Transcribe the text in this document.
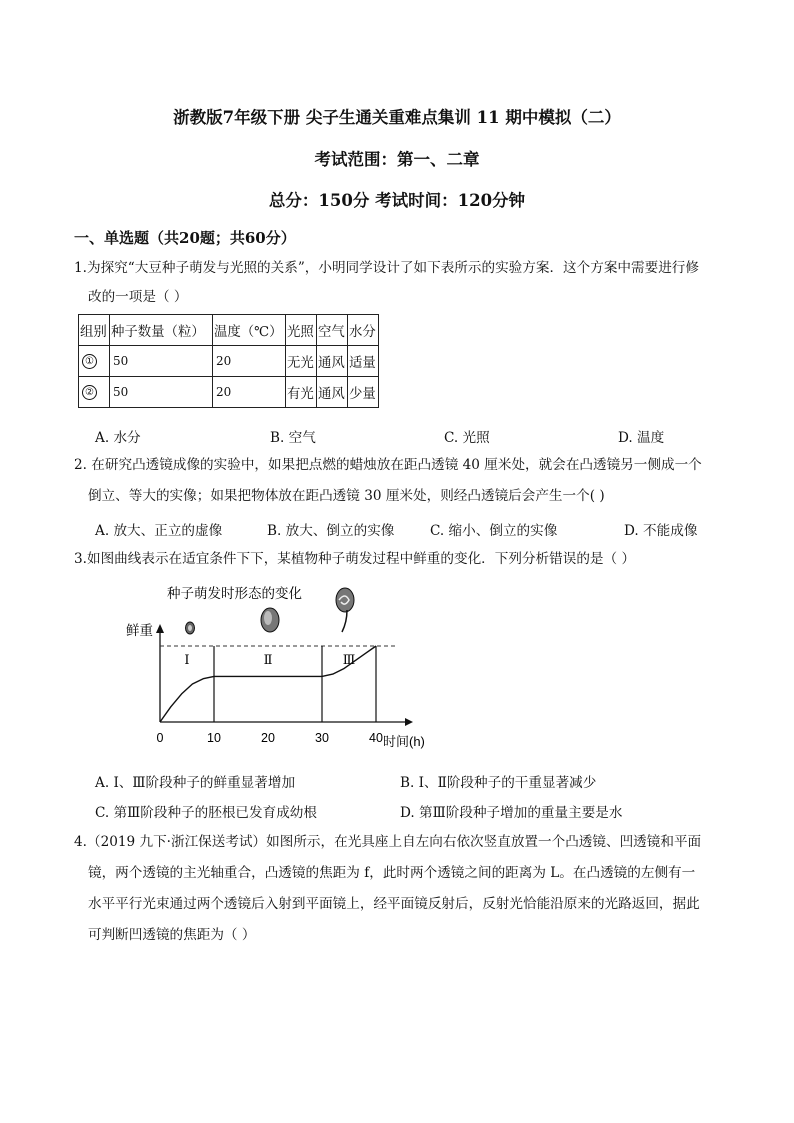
浙教版7年级下册 尖子生通关重难点集训 11 期中模拟（二）
考试范围：第一、二章
总分：150分 考试时间：120分钟
一、单选题（共20题；共60分）
1.为探究“大豆种子萌发与光照的关系”，小明同学设计了如下表所示的实验方案．这个方案中需要进行修
改的一项是（ ）
组别	种子数量（粒）	温度（℃）	光照	空气	水分
①	50	20	无光	通风	适量
②	50	20	有光	通风	少量
A. 水分	B. 空气	C. 光照	D. 温度
2. 在研究凸透镜成像的实验中，如果把点燃的蜡烛放在距凸透镜 40 厘米处，就会在凸透镜另一侧成一个
倒立、等大的实像；如果把物体放在距凸透镜 30 厘米处，则经凸透镜后会产生一个( )
A. 放大、正立的虚像	B. 放大、倒立的实像	C. 缩小、倒立的实像	D. 不能成像
3.如图曲线表示在适宜条件下下，某植物种子萌发过程中鲜重的变化．下列分析错误的是（ ）
种子萌发时形态的变化
鲜重
时间(h)
Ⅰ	Ⅱ	Ⅲ
0	10	20	30	40
A. Ⅰ、Ⅲ阶段种子的鲜重显著增加	B. Ⅰ、Ⅱ阶段种子的干重显著减少
C. 第Ⅲ阶段种子的胚根已发育成幼根	D. 第Ⅲ阶段种子增加的重量主要是水
4.（2019 九下·浙江保送考试）如图所示，在光具座上自左向右依次竖直放置一个凸透镜、凹透镜和平面
镜，两个透镜的主光轴重合，凸透镜的焦距为 f，此时两个透镜之间的距离为 L。在凸透镜的左侧有一
水平平行光束通过两个透镜后入射到平面镜上，经平面镜反射后，反射光恰能沿原来的光路返回，据此
可判断凹透镜的焦距为（ ）
